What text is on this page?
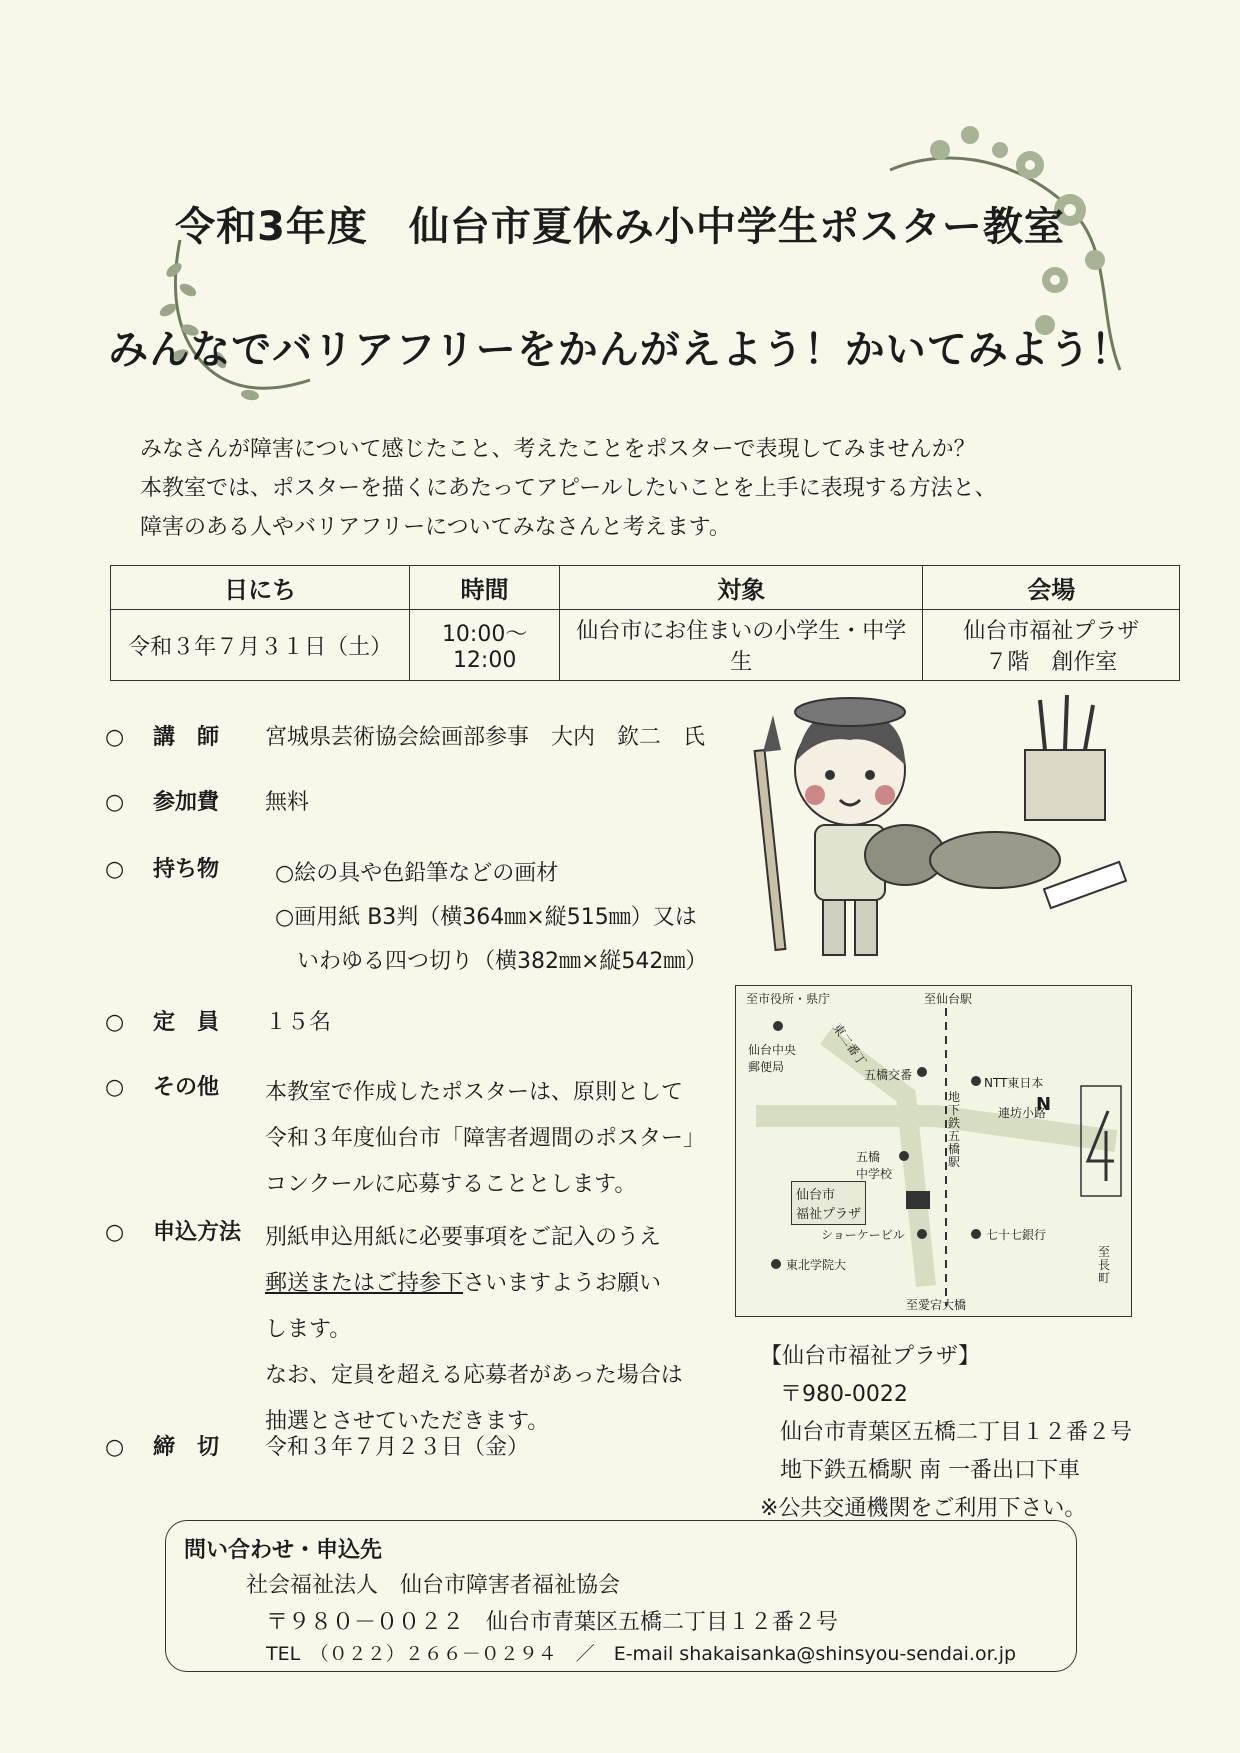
令和3年度　仙台市夏休み小中学生ポスター教室
みんなでバリアフリーをかんがえよう！かいてみよう！
みなさんが障害について感じたこと、考えたことをポスターで表現してみませんか？
本教室では、ポスターを描くにあたってアピールしたいことを上手に表現する方法と、
障害のある人やバリアフリーについてみなさんと考えます。
日にち	時間	対象	会場
令和３年７月３１日（土）	10:00～12:00	仙台市にお住まいの小学生・中学生	仙台市福祉プラザ
７階　創作室
○	講　師	宮城県芸術協会絵画部参事　大内　欽二　氏
○	参加費	無料
○	持ち物	○絵の具や色鉛筆などの画材
○画用紙 B3判（横364㎜×縦515㎜）又は
いわゆる四つ切り（横382㎜×縦542㎜）
○	定　員	１５名
○	その他	本教室で作成したポスターは、原則として
令和３年度仙台市「障害者週間のポスター」
コンクールに応募することとします。
○	申込方法	別紙申込用紙に必要事項をご記入のうえ
郵送またはご持参下さいますようお願い
します。
なお、定員を超える応募者があった場合は
抽選とさせていただきます。
○	締　切	令和３年７月２３日（金）
至市役所・県庁	至仙台駅
仙台中央
郵便局	東二番丁
五橋交番
地下鉄五橋駅
NTT東日本
連坊小路
N
五橋
中学校
仙台市
福祉プラザ
ショーケービル	七十七銀行
東北学院大
至長町
至愛宕大橋
【仙台市福祉プラザ】
〒980-0022
仙台市青葉区五橋二丁目１２番２号
地下鉄五橋駅 南 一番出口下車
※公共交通機関をご利用下さい。
問い合わせ・申込先
社会福祉法人　仙台市障害者福祉協会
〒９８０－００２２　仙台市青葉区五橋二丁目１２番２号
TEL　（０２２）２６６－０２９４　／　E-mail shakaisanka@shinsyou-sendai.or.jp
